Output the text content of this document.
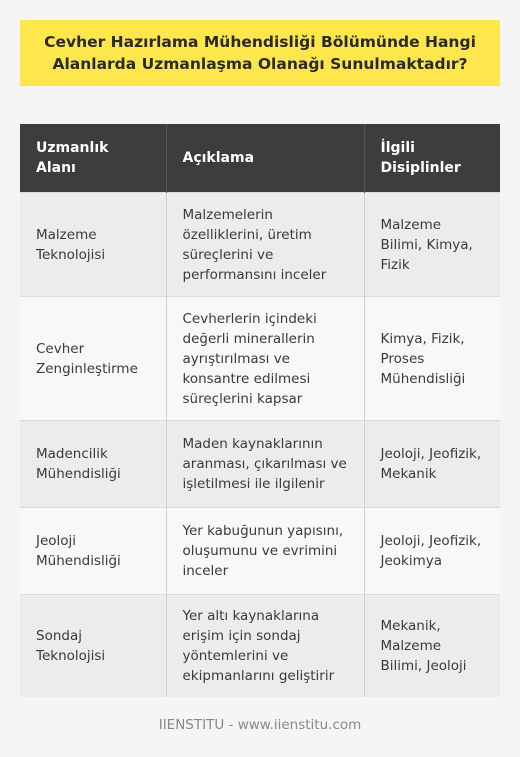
Cevher Hazırlama Mühendisliği Bölümünde Hangi Alanlarda Uzmanlaşma Olanağı Sunulmaktadır?
Uzmanlık Alanı	Açıklama	İlgili Disiplinler
Malzeme Teknolojisi	Malzemelerin özelliklerini, üretim süreçlerini ve performansını inceler	Malzeme Bilimi, Kimya, Fizik
Cevher Zenginleştirme	Cevherlerin içindeki değerli minerallerin ayrıştırılması ve konsantre edilmesi süreçlerini kapsar	Kimya, Fizik, Proses Mühendisliği
Madencilik Mühendisliği	Maden kaynaklarının aranması, çıkarılması ve işletilmesi ile ilgilenir	Jeoloji, Jeofizik, Mekanik
Jeoloji Mühendisliği	Yer kabuğunun yapısını, oluşumunu ve evrimini inceler	Jeoloji, Jeofizik, Jeokimya
Sondaj Teknolojisi	Yer altı kaynaklarına erişim için sondaj yöntemlerini ve ekipmanlarını geliştirir	Mekanik, Malzeme Bilimi, Jeoloji
IIENSTITU - www.iienstitu.com
